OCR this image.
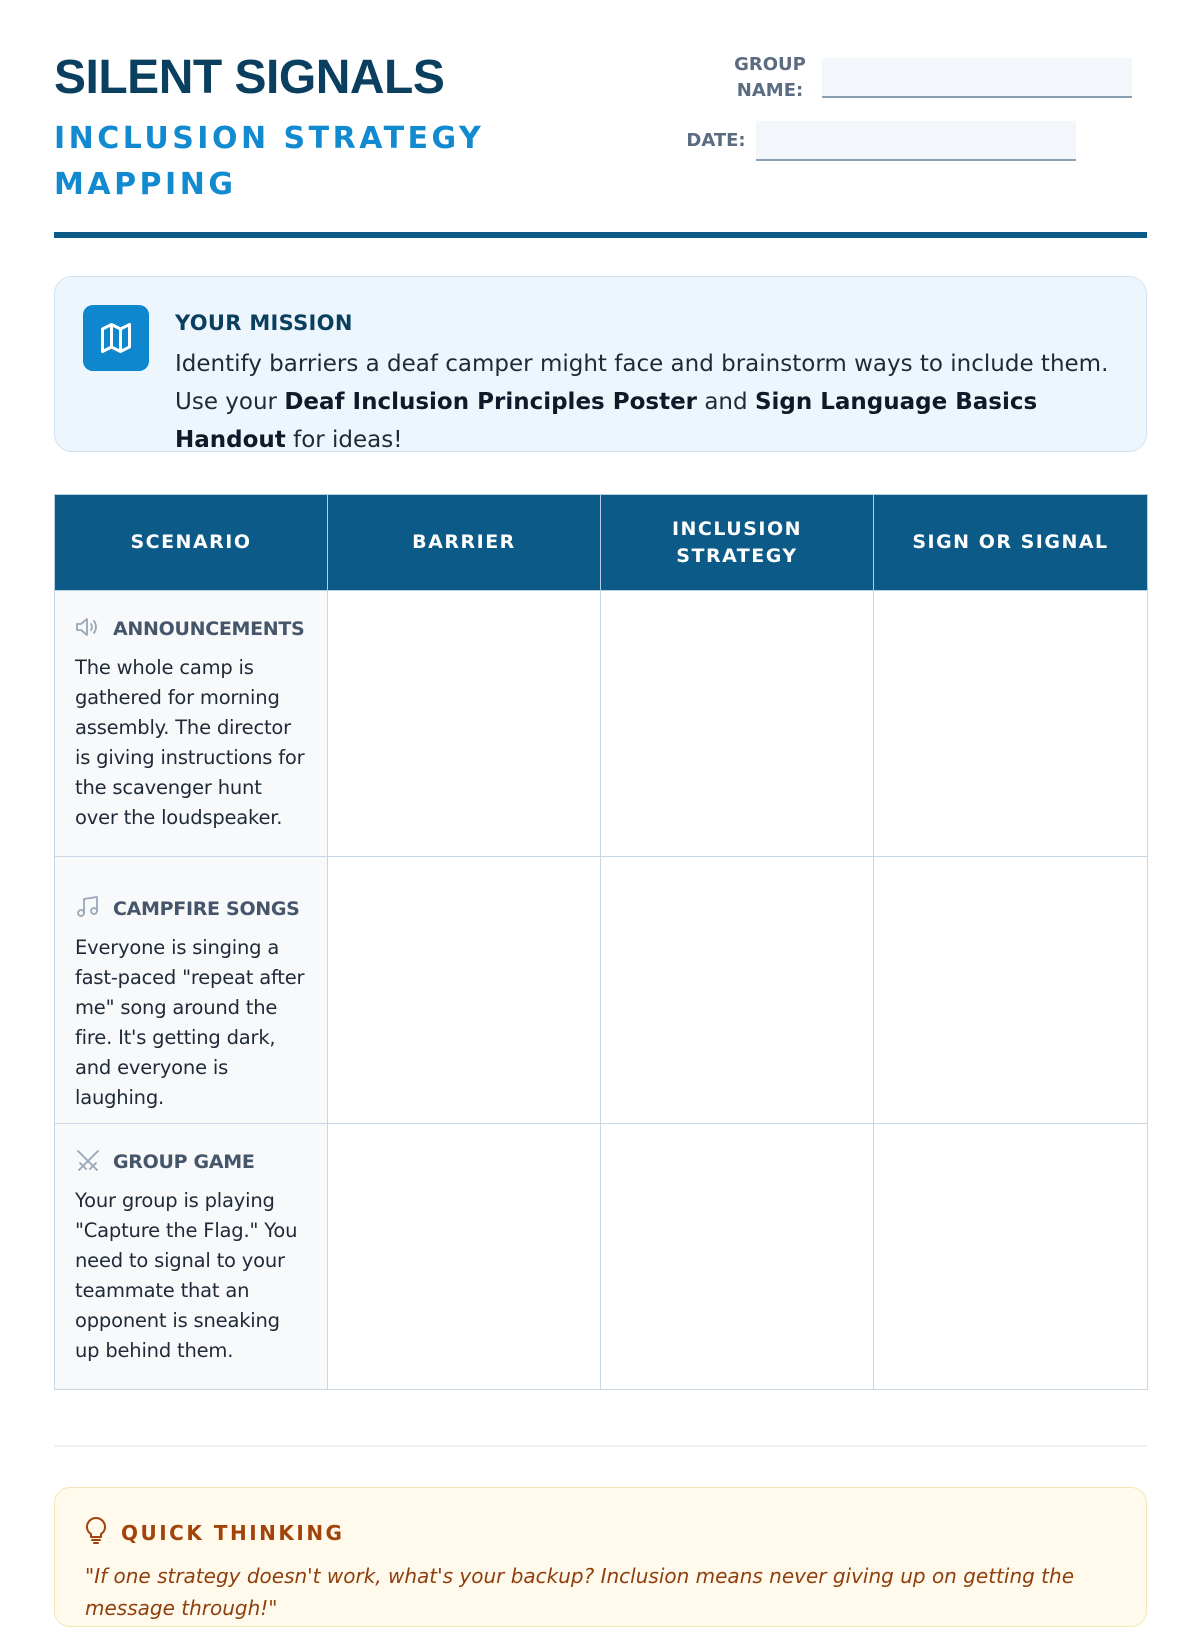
SILENT SIGNALS
INCLUSION STRATEGY MAPPING
GROUP
NAME:
DATE:
YOUR MISSION
Identify barriers a deaf camper might face and brainstorm ways to include them. Use your Deaf Inclusion Principles Poster and Sign Language Basics Handout for ideas!
SCENARIO	BARRIER	INCLUSION STRATEGY	SIGN OR SIGNAL

ANNOUNCEMENTS
The whole camp is gathered for morning assembly. The director is giving instructions for the scavenger hunt over the loudspeaker.			

CAMPFIRE SONGS
Everyone is singing a fast-paced "repeat after me" song around the fire. It's getting dark, and everyone is laughing.			

GROUP GAME
Your group is playing "Capture the Flag." You need to signal to your teammate that an opponent is sneaking up behind them.			

QUICK THINKING
"If one strategy doesn't work, what's your backup? Inclusion means never giving up on getting the message through!"
